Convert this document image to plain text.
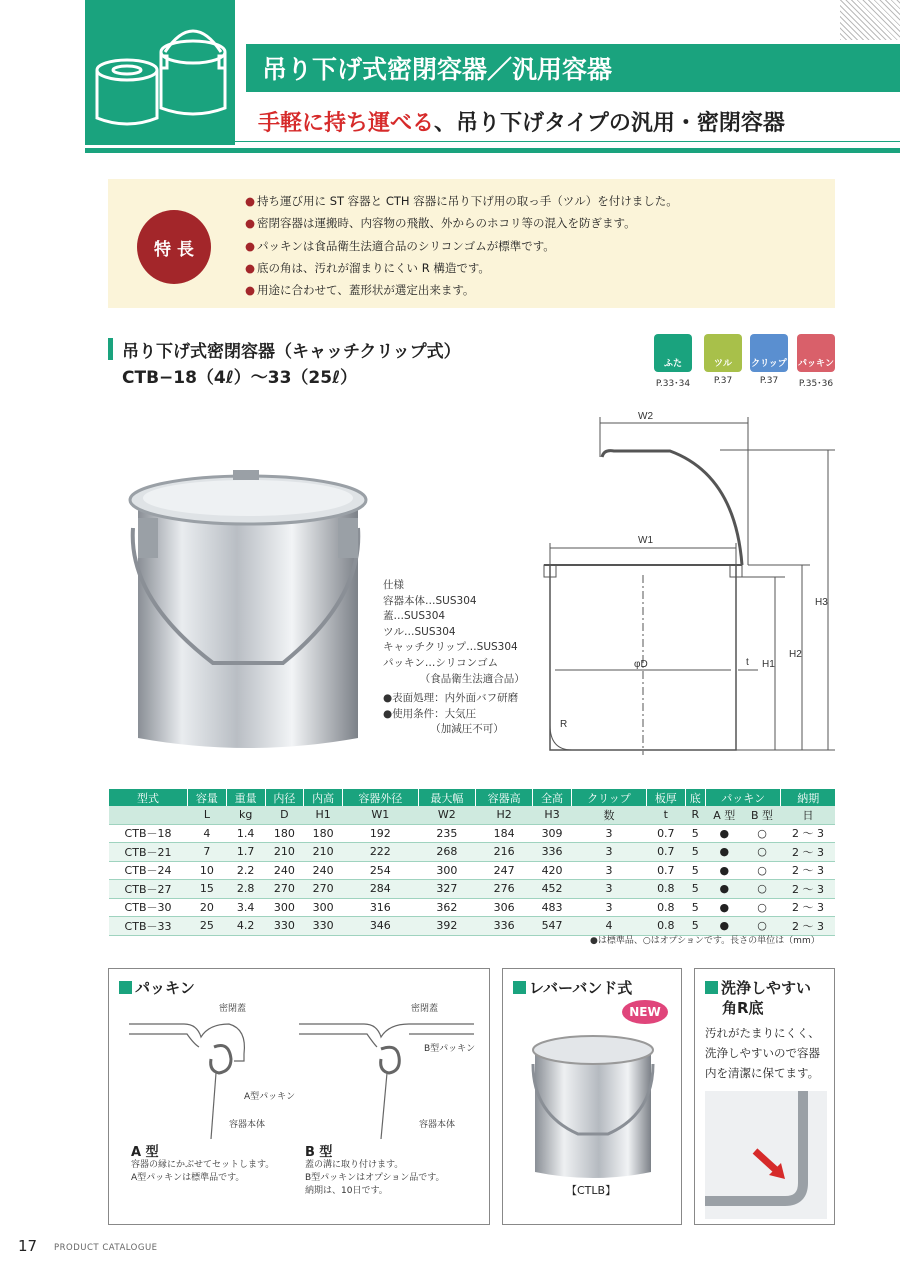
吊り下げ式密閉容器／汎用容器
手軽に持ち運べる、吊り下げタイプの汎用・密閉容器
特 長
● 持ち運び用に ST 容器と CTH 容器に吊り下げ用の取っ手（ツル）を付けました。
● 密閉容器は運搬時、内容物の飛散、外からのホコリ等の混入を防ぎます。
● パッキンは食品衛生法適合品のシリコンゴムが標準です。
● 底の角は、汚れが溜まりにくい R 構造です。
● 用途に合わせて、蓋形状が選定出来ます。
吊り下げ式密閉容器（キャッチクリップ式）
CTB−18（4ℓ）〜33（25ℓ）
ふた	ツル	クリップ パッキン
P.33･34	P.37	P.37	P.35･36
仕様
容器本体…SUS304
蓋…SUS304
ツル…SUS304
キャッチクリップ…SUS304
パッキン…シリコンゴム
　　　　（食品衛生法適合品）
●表面処理：内外面バフ研磨
●使用条件：大気圧
　　　　　（加減圧不可）
W2
W1
φD	t H1
H2
H3
R
型式	容量	重量	内径	内高	容器外径	最大幅	容器高	全高	クリップ	板厚	底	パッキン		納期
	L	kg	D	H1	W1	W2	H2	H3	数	t	R	A 型	B 型	日
CTB－18	4	1.4	180	180	192	235	184	309	3	0.7	5	●	○	2 ～ 3
CTB－21	7	1.7	210	210	222	268	216	336	3	0.7	5	●	○	2 ～ 3
CTB－24	10	2.2	240	240	254	300	247	420	3	0.7	5	●	○	2 ～ 3
CTB－27	15	2.8	270	270	284	327	276	452	3	0.8	5	●	○	2 ～ 3
CTB－30	20	3.4	300	300	316	362	306	483	3	0.8	5	●	○	2 ～ 3
CTB－33	25	4.2	330	330	346	392	336	547	4	0.8	5	●	○	2 ～ 3
●は標準品、○はオプションです。長さの単位は（mm）
パッキン
密閉蓋
A型パッキン
容器本体
密閉蓋
B型パッキン
容器本体
A 型
容器の縁にかぶせてセットします。
A型パッキンは標準品です。
B 型
蓋の溝に取り付けます。
B型パッキンはオプション品です。
納期は、10日です。
レバーバンド式
NEW
【CTLB】
洗浄しやすい
角R底
汚れがたまりにくく、
洗浄しやすいので容器
内を清潔に保てます。
17 PRODUCT CATALOGUE
